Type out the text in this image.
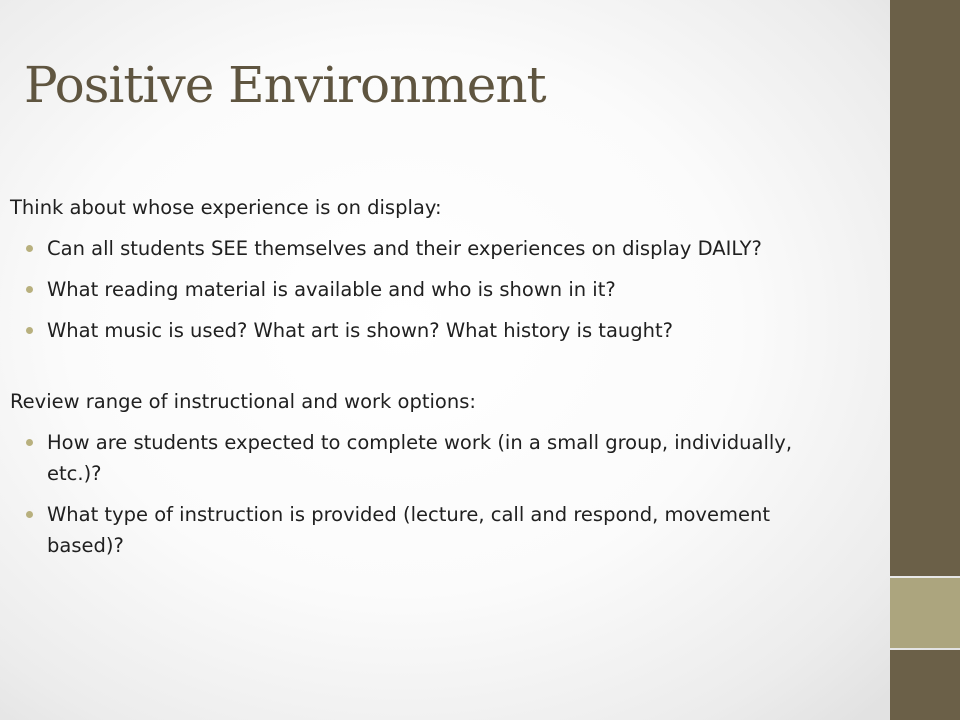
Positive Environment

Think about whose experience is on display:

Can all students SEE themselves and their experiences on display DAILY?
What reading material is available and who is shown in it?
What music is used? What art is shown? What history is taught?

Review range of instructional and work options:

How are students expected to complete work (in a small group, individually, etc.)?
What type of instruction is provided (lecture, call and respond, movement based)?
